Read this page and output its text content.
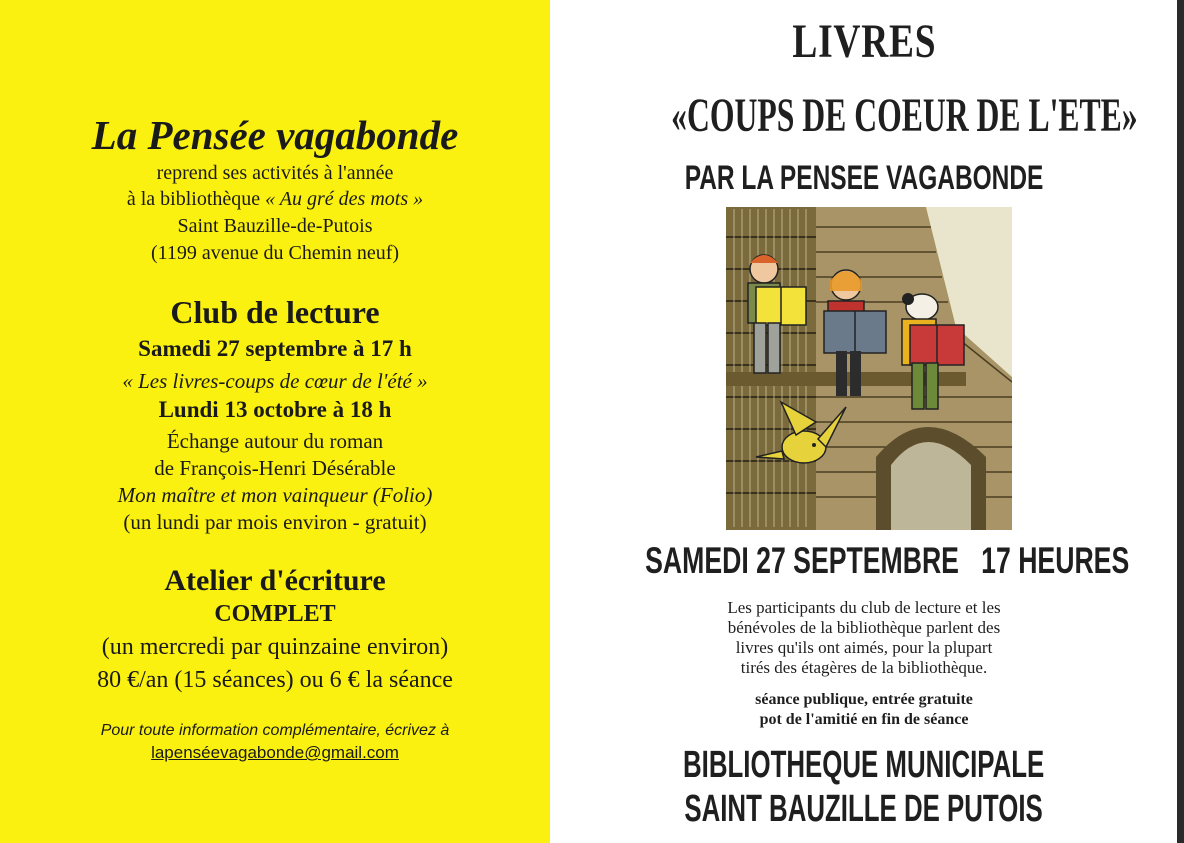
La Pensée vagabonde

reprend ses activités à l'année

à la bibliothèque « Au gré des mots »

Saint Bauzille-de-Putois

(1199 avenue du Chemin neuf)

Club de lecture

Samedi 27 septembre à 17 h

« Les livres-coups de cœur de l'été »

Lundi 13 octobre à 18 h

Échange autour du roman

de François-Henri Désérable

Mon maître et mon vainqueur (Folio)

(un lundi par mois environ - gratuit)

Atelier d'écriture

COMPLET

(un mercredi par quinzaine environ)

80 €/an (15 séances) ou 6 € la séance

Pour toute information complémentaire, écrivez à

lapenséevagabonde@gmail.com

LIVRES
«COUPS DE COEUR DE L'ETE»
PAR LA PENSEE VAGABONDE
SAMEDI 27 SEPTEMBRE   17 HEURES

Les participants du club de lecture et les

bénévoles de la bibliothèque parlent des

livres qu'ils ont aimés, pour la plupart

tirés des étagères de la bibliothèque.

séance publique, entrée gratuite

pot de l'amitié en fin de séance

BIBLIOTHEQUE MUNICIPALE
SAINT BAUZILLE DE PUTOIS
